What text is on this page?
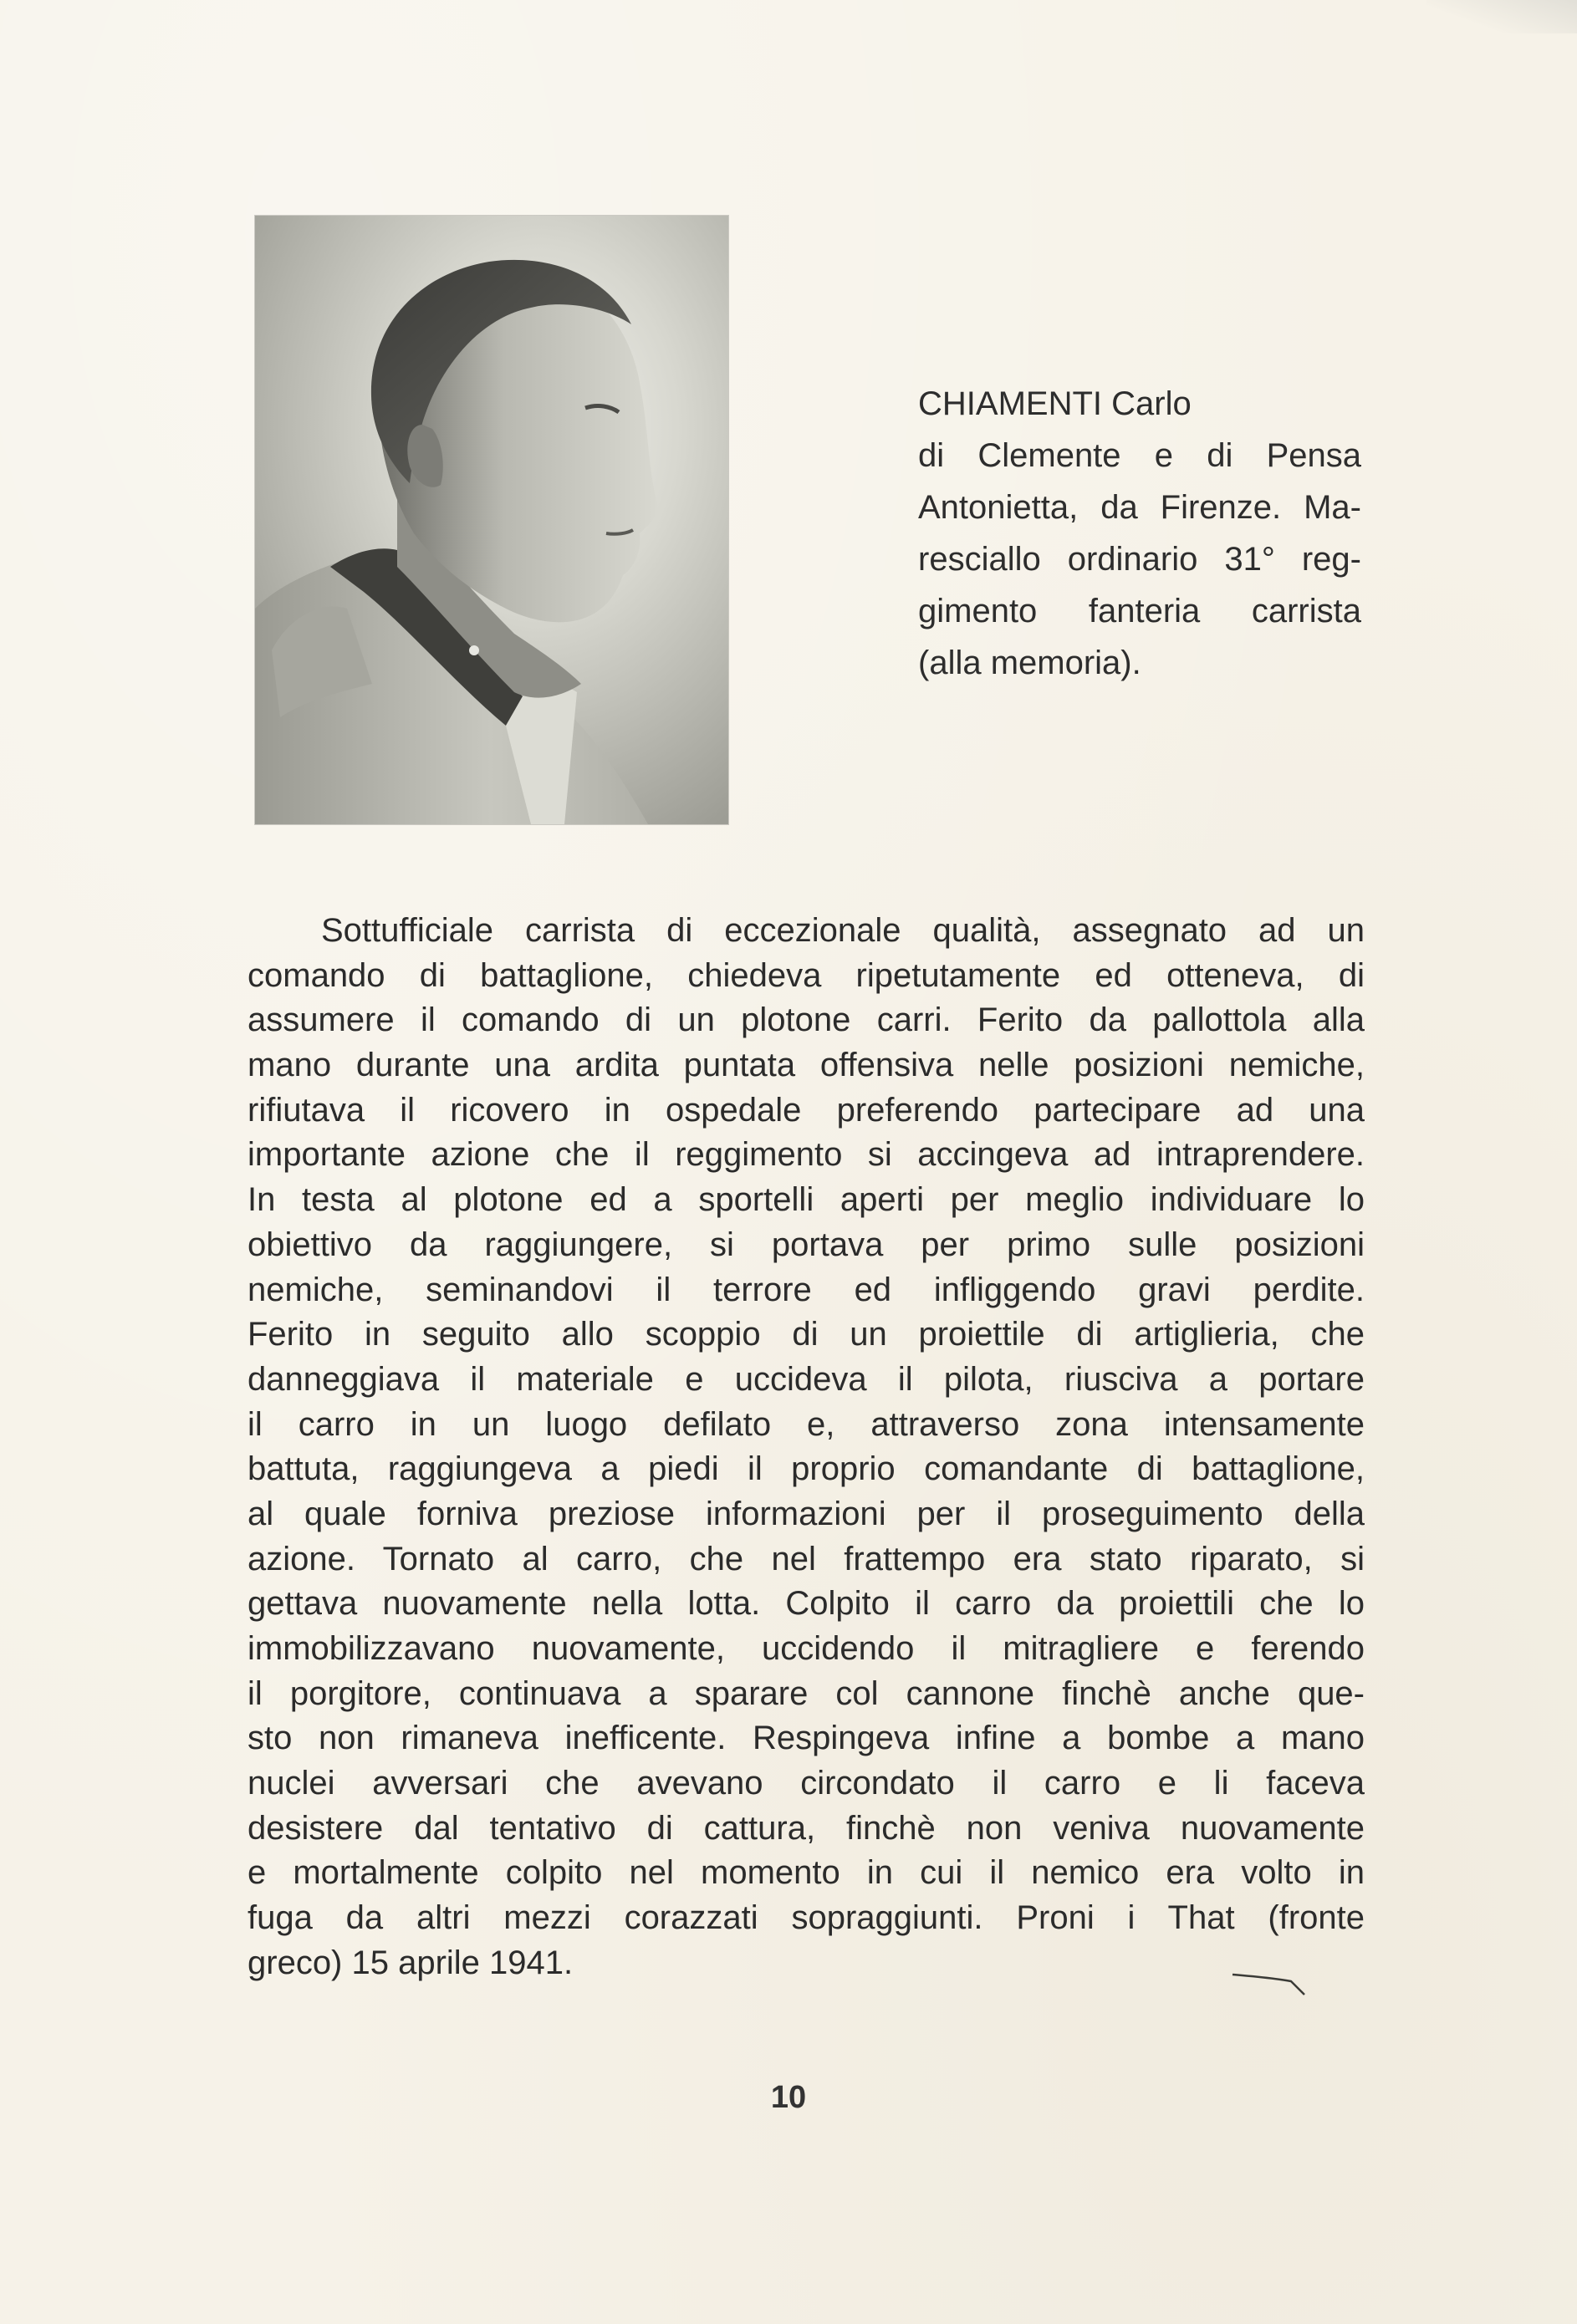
CHIAMENTI Carlo
di Clemente e di Pensa
Antonietta, da Firenze. Ma-
resciallo ordinario 31° reg-
gimento fanteria carrista
(alla memoria).
Sottufficiale carrista di eccezionale qualità, assegnato ad un
comando di battaglione, chiedeva ripetutamente ed otteneva, di
assumere il comando di un plotone carri. Ferito da pallottola alla
mano durante una ardita puntata offensiva nelle posizioni nemiche,
rifiutava il ricovero in ospedale preferendo partecipare ad una
importante azione che il reggimento si accingeva ad intraprendere.
In testa al plotone ed a sportelli aperti per meglio individuare lo
obiettivo da raggiungere, si portava per primo sulle posizioni
nemiche, seminandovi il terrore ed infliggendo gravi perdite.
Ferito in seguito allo scoppio di un proiettile di artiglieria, che
danneggiava il materiale e uccideva il pilota, riusciva a portare
il carro in un luogo defilato e, attraverso zona intensamente
battuta, raggiungeva a piedi il proprio comandante di battaglione,
al quale forniva preziose informazioni per il proseguimento della
azione. Tornato al carro, che nel frattempo era stato riparato, si
gettava nuovamente nella lotta. Colpito il carro da proiettili che lo
immobilizzavano nuovamente, uccidendo il mitragliere e ferendo
il porgitore, continuava a sparare col cannone finchè anche que-
sto non rimaneva inefficente. Respingeva infine a bombe a mano
nuclei avversari che avevano circondato il carro e li faceva
desistere dal tentativo di cattura, finchè non veniva nuovamente
e mortalmente colpito nel momento in cui il nemico era volto in
fuga da altri mezzi corazzati sopraggiunti. Proni i That (fronte
greco) 15 aprile 1941.
10
